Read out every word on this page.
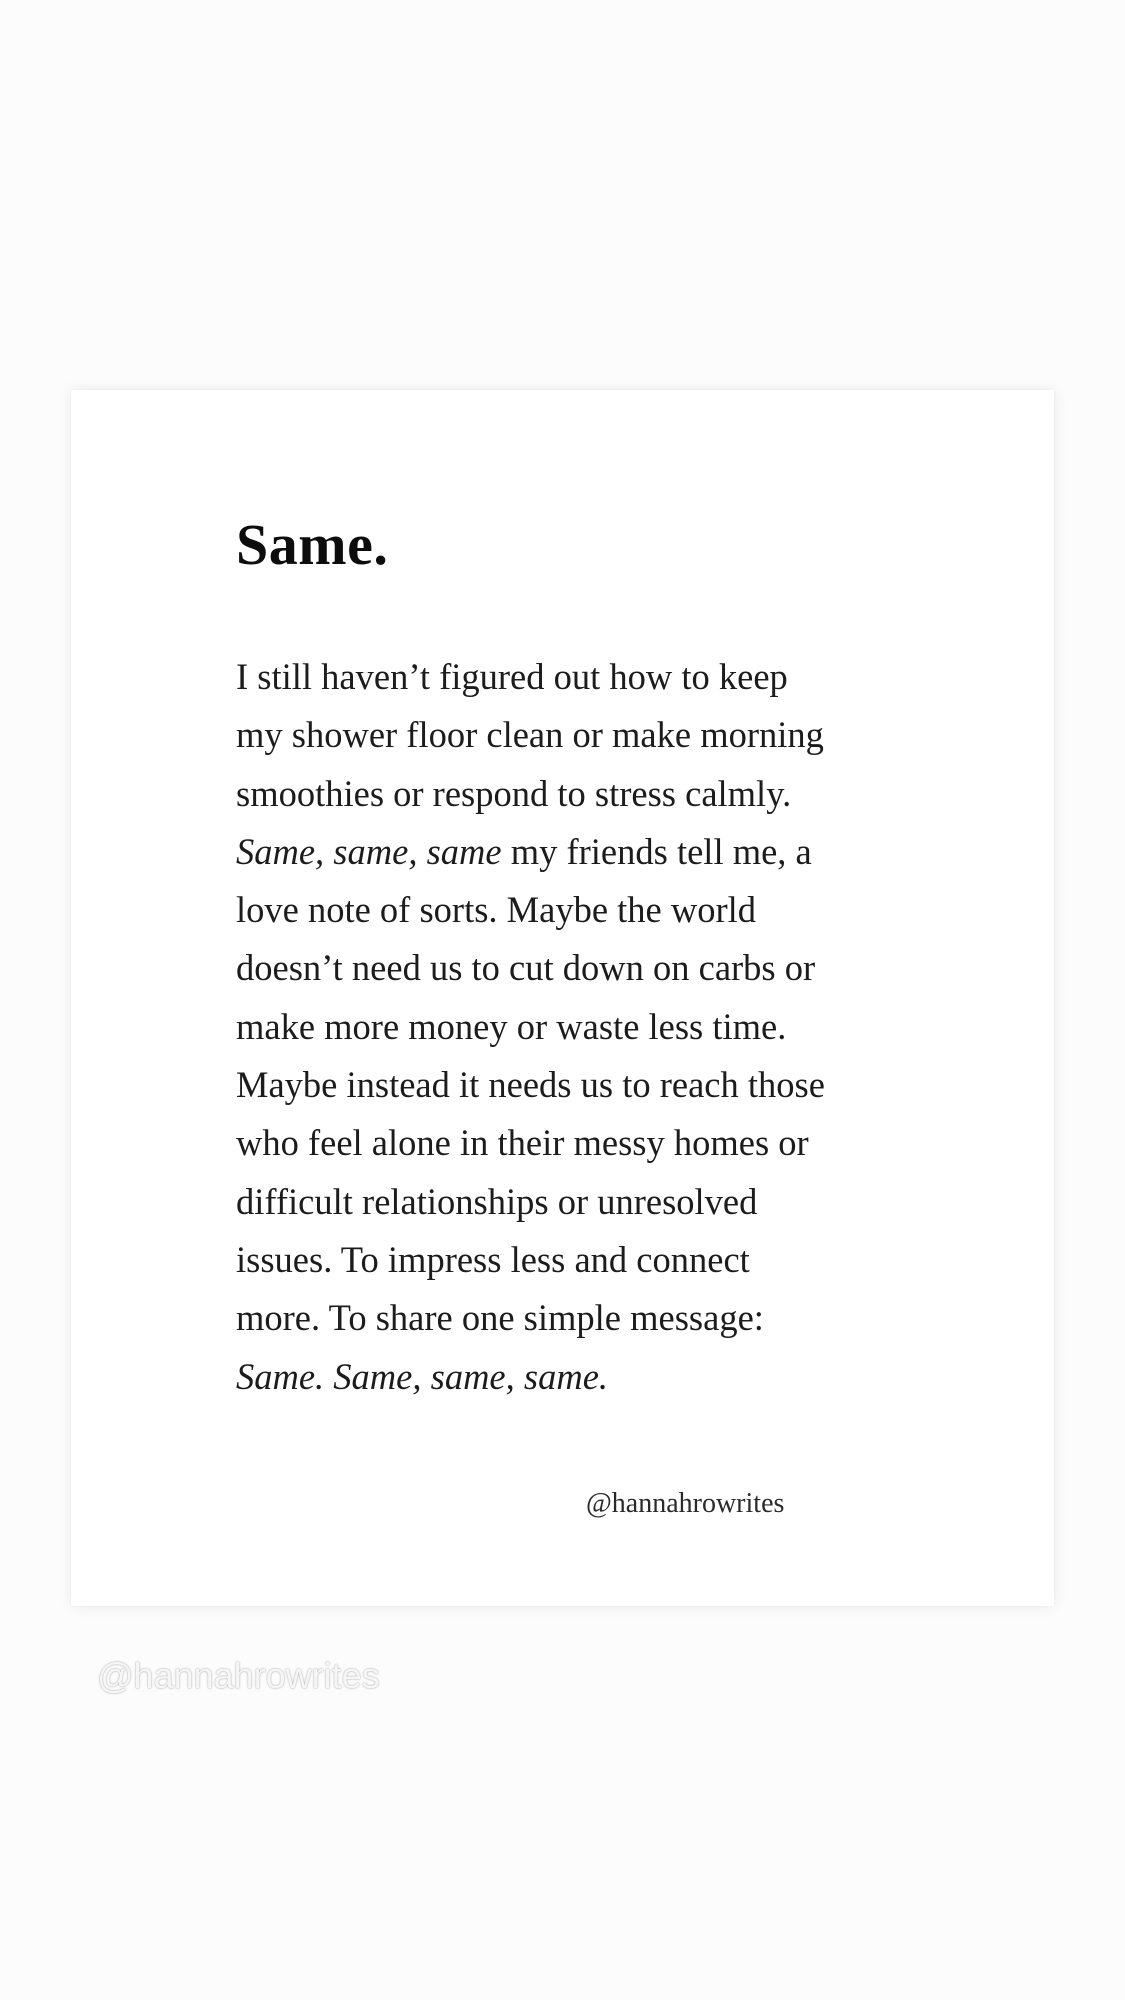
Same.
I still haven’t figured out how to keep
my shower floor clean or make morning
smoothies or respond to stress calmly.
Same, same, same my friends tell me, a
love note of sorts. Maybe the world
doesn’t need us to cut down on carbs or
make more money or waste less time.
Maybe instead it needs us to reach those
who feel alone in their messy homes or
difficult relationships or unresolved
issues. To impress less and connect
more. To share one simple message:
Same. Same, same, same.
@hannahrowrites
@hannahrowrites
